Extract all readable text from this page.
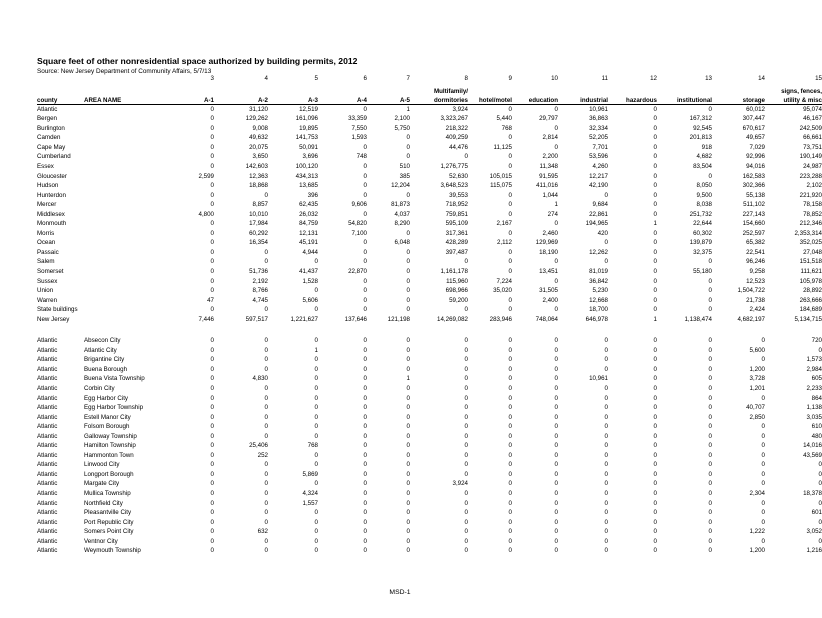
Square feet of other nonresidential space authorized by building permits, 2012
Source: New Jersey Department of Community Affairs, 5/7/13
		3	4	5	6	7	8	9	10	11	12	13	14	15
							Multifamily/							signs, fences,
county	AREA NAME	A-1	A-2	A-3	A-4	A-5	dormitories	hotel/motel	education	industrial	hazardous	institutional	storage	utility & misc
Atlantic		0	31,120	12,519	0	1	3,924	0	0	10,961	0	0	60,012	95,074
Bergen		0	129,262	161,096	33,359	2,100	3,323,267	5,440	29,797	36,863	0	167,312	307,447	46,167
Burlington		0	9,008	19,895	7,550	5,750	218,322	768	0	32,334	0	92,545	670,617	242,509
Camden		0	49,632	141,753	1,593	0	409,259	0	2,814	52,205	0	201,813	49,657	66,661
Cape May		0	20,075	50,091	0	0	44,476	11,125	0	7,701	0	918	7,029	73,751
Cumberland		0	3,650	3,696	748	0	0	0	2,200	53,596	0	4,682	92,996	190,149
Essex		0	142,603	100,120	0	510	1,276,775	0	11,348	4,260	0	83,504	94,016	24,987
Gloucester		2,599	12,363	434,313	0	385	52,630	105,015	91,595	12,217	0	0	162,583	223,288
Hudson		0	18,868	13,685	0	12,204	3,648,523	115,075	411,016	42,190	0	8,050	302,366	2,102
Hunterdon		0	0	396	0	0	39,553	0	1,044	0	0	9,500	55,138	221,920
Mercer		0	8,857	62,435	9,606	81,873	718,952	0	1	9,684	0	8,038	511,102	78,158
Middlesex		4,800	10,010	26,032	0	4,037	759,851	0	274	22,861	0	251,732	227,143	78,852
Monmouth		0	17,984	84,759	54,820	8,290	595,109	2,167	0	194,965	1	22,644	154,660	212,346
Morris		0	60,292	12,131	7,100	0	317,361	0	2,460	420	0	60,302	252,597	2,353,314
Ocean		0	16,354	45,191	0	6,048	428,289	2,112	129,969	0	0	139,879	65,382	352,025
Passaic		0	0	4,944	0	0	397,487	0	18,190	12,262	0	32,375	22,541	27,048
Salem		0	0	0	0	0	0	0	0	0	0	0	96,246	151,518
Somerset		0	51,736	41,437	22,870	0	1,161,178	0	13,451	81,019	0	55,180	9,258	111,621
Sussex		0	2,192	1,528	0	0	115,960	7,224	0	36,842	0	0	12,523	105,978
Union		0	8,766	0	0	0	698,966	35,020	31,505	5,230	0	0	1,504,722	28,892
Warren		47	4,745	5,606	0	0	59,200	0	2,400	12,668	0	0	21,738	263,666
State buildings		0	0	0	0	0	0	0	0	18,700	0	0	2,424	184,689
New Jersey		7,446	597,517	1,221,627	137,646	121,198	14,269,082	283,946	748,064	646,978	1	1,138,474	4,682,197	5,134,715

Atlantic	Absecon City	0	0	0	0	0	0	0	0	0	0	0	0	720
Atlantic	Atlantic City	0	0	1	0	0	0	0	0	0	0	0	5,600	0
Atlantic	Brigantine City	0	0	0	0	0	0	0	0	0	0	0	0	1,573
Atlantic	Buena Borough	0	0	0	0	0	0	0	0	0	0	0	1,200	2,984
Atlantic	Buena Vista Township	0	4,830	0	0	1	0	0	0	10,961	0	0	3,728	605
Atlantic	Corbin City	0	0	0	0	0	0	0	0	0	0	0	1,201	2,233
Atlantic	Egg Harbor City	0	0	0	0	0	0	0	0	0	0	0	0	864
Atlantic	Egg Harbor Township	0	0	0	0	0	0	0	0	0	0	0	40,707	1,138
Atlantic	Estell Manor City	0	0	0	0	0	0	0	0	0	0	0	2,850	3,035
Atlantic	Folsom Borough	0	0	0	0	0	0	0	0	0	0	0	0	610
Atlantic	Galloway Township	0	0	0	0	0	0	0	0	0	0	0	0	480
Atlantic	Hamilton Township	0	25,406	768	0	0	0	0	0	0	0	0	0	14,016
Atlantic	Hammonton Town	0	252	0	0	0	0	0	0	0	0	0	0	43,569
Atlantic	Linwood City	0	0	0	0	0	0	0	0	0	0	0	0	0
Atlantic	Longport Borough	0	0	5,869	0	0	0	0	0	0	0	0	0	0
Atlantic	Margate City	0	0	0	0	0	3,924	0	0	0	0	0	0	0
Atlantic	Mullica Township	0	0	4,324	0	0	0	0	0	0	0	0	2,304	18,378
Atlantic	Northfield City	0	0	1,557	0	0	0	0	0	0	0	0	0	0
Atlantic	Pleasantville City	0	0	0	0	0	0	0	0	0	0	0	0	601
Atlantic	Port Republic City	0	0	0	0	0	0	0	0	0	0	0	0	0
Atlantic	Somers Point City	0	632	0	0	0	0	0	0	0	0	0	1,222	3,052
Atlantic	Ventnor City	0	0	0	0	0	0	0	0	0	0	0	0	0
Atlantic	Weymouth Township	0	0	0	0	0	0	0	0	0	0	0	1,200	1,216
MSD-1
